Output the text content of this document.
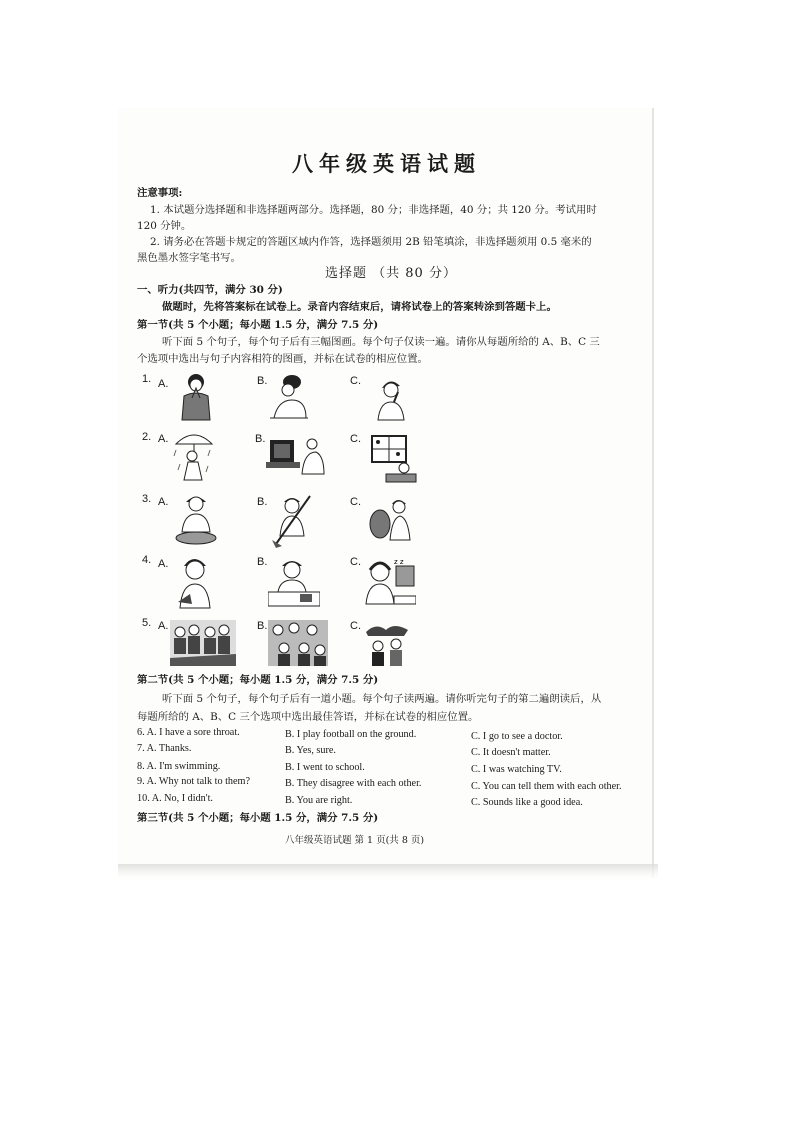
八年级英语试题
注意事项:
1. 本试题分选择题和非选择题两部分。选择题，80 分；非选择题，40 分；共 120 分。考试用时
120 分钟。
2. 请务必在答题卡规定的答题区域内作答，选择题须用 2B 铅笔填涂，非选择题须用 0.5 毫米的
黑色墨水签字笔书写。
选择题 （共 80 分）
一、听力(共四节，满分 30 分)
做题时，先将答案标在试卷上。录音内容结束后，请将试卷上的答案转涂到答题卡上。
第一节(共 5 个小题；每小题 1.5 分，满分 7.5 分)
听下面 5 个句子，每个句子后有三幅图画。每个句子仅读一遍。请你从每题所给的 A、B、C 三
个选项中选出与句子内容相符的图画，并标在试卷的相应位置。
1. A.	B.	C.
2. A.	B.	C.
3. A.	B.	C.
4. A.	B.	C.	z z
5. A.	B.	C.
第二节(共 5 个小题；每小题 1.5 分，满分 7.5 分)
听下面 5 个句子，每个句子后有一道小题。每个句子读两遍。请你听完句子的第二遍朗读后，从
每题所给的 A、B、C 三个选项中选出最佳答语，并标在试卷的相应位置。
6. A. I have a sore throat.	B. I play football on the ground.	C. I go to see a doctor.
7. A. Thanks.	B. Yes, sure.	C. It doesn't matter.
8. A. I'm swimming.	B. I went to school.	C. I was watching TV.
9. A. Why not talk to them?	B. They disagree with each other.	C. You can tell them with each other.
10. A. No, I didn't.	B. You are right.	C. Sounds like a good idea.
第三节(共 5 个小题；每小题 1.5 分，满分 7.5 分)
八年级英语试题 第 1 页(共 8 页)
